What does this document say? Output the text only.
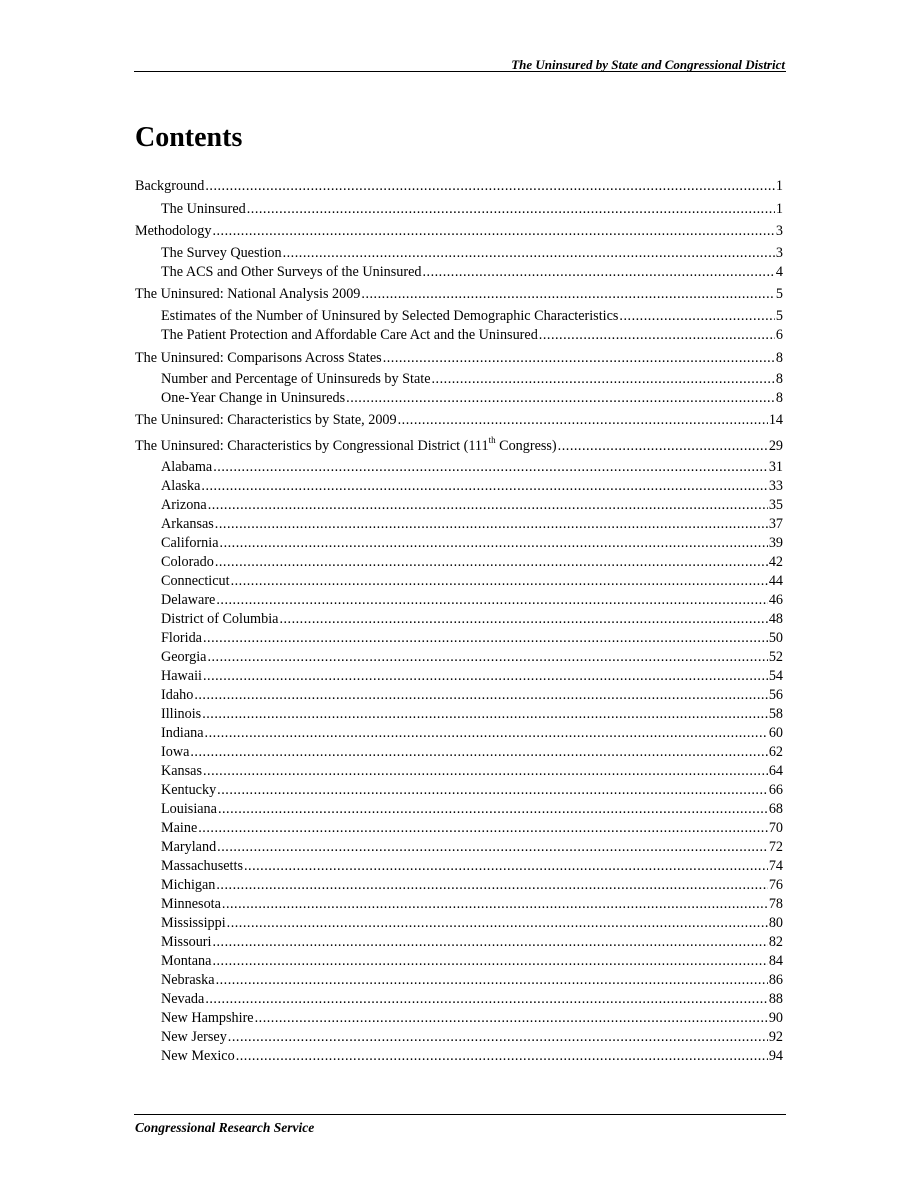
The Uninsured by State and Congressional District
Contents
Background .....	1
The Uninsured .....	1
Methodology .....	3
The Survey Question .....	3
The ACS and Other Surveys of the Uninsured .....	4
The Uninsured: National Analysis 2009 .....	5
Estimates of the Number of Uninsured by Selected Demographic Characteristics .....	5
The Patient Protection and Affordable Care Act and the Uninsured .....	6
The Uninsured: Comparisons Across States .....	8
Number and Percentage of Uninsureds by State .....	8
One-Year Change in Uninsureds .....	8
The Uninsured: Characteristics by State, 2009 .....	14
The Uninsured: Characteristics by Congressional District (111th Congress) .....	29
Alabama .....	31
Alaska .....	33
Arizona .....	35
Arkansas .....	37
California .....	39
Colorado .....	42
Connecticut .....	44
Delaware .....	46
District of Columbia .....	48
Florida .....	50
Georgia .....	52
Hawaii .....	54
Idaho .....	56
Illinois .....	58
Indiana .....	60
Iowa .....	62
Kansas .....	64
Kentucky .....	66
Louisiana .....	68
Maine .....	70
Maryland .....	72
Massachusetts .....	74
Michigan .....	76
Minnesota .....	78
Mississippi .....	80
Missouri .....	82
Montana .....	84
Nebraska .....	86
Nevada .....	88
New Hampshire .....	90
New Jersey .....	92
New Mexico .....	94
Congressional Research Service
